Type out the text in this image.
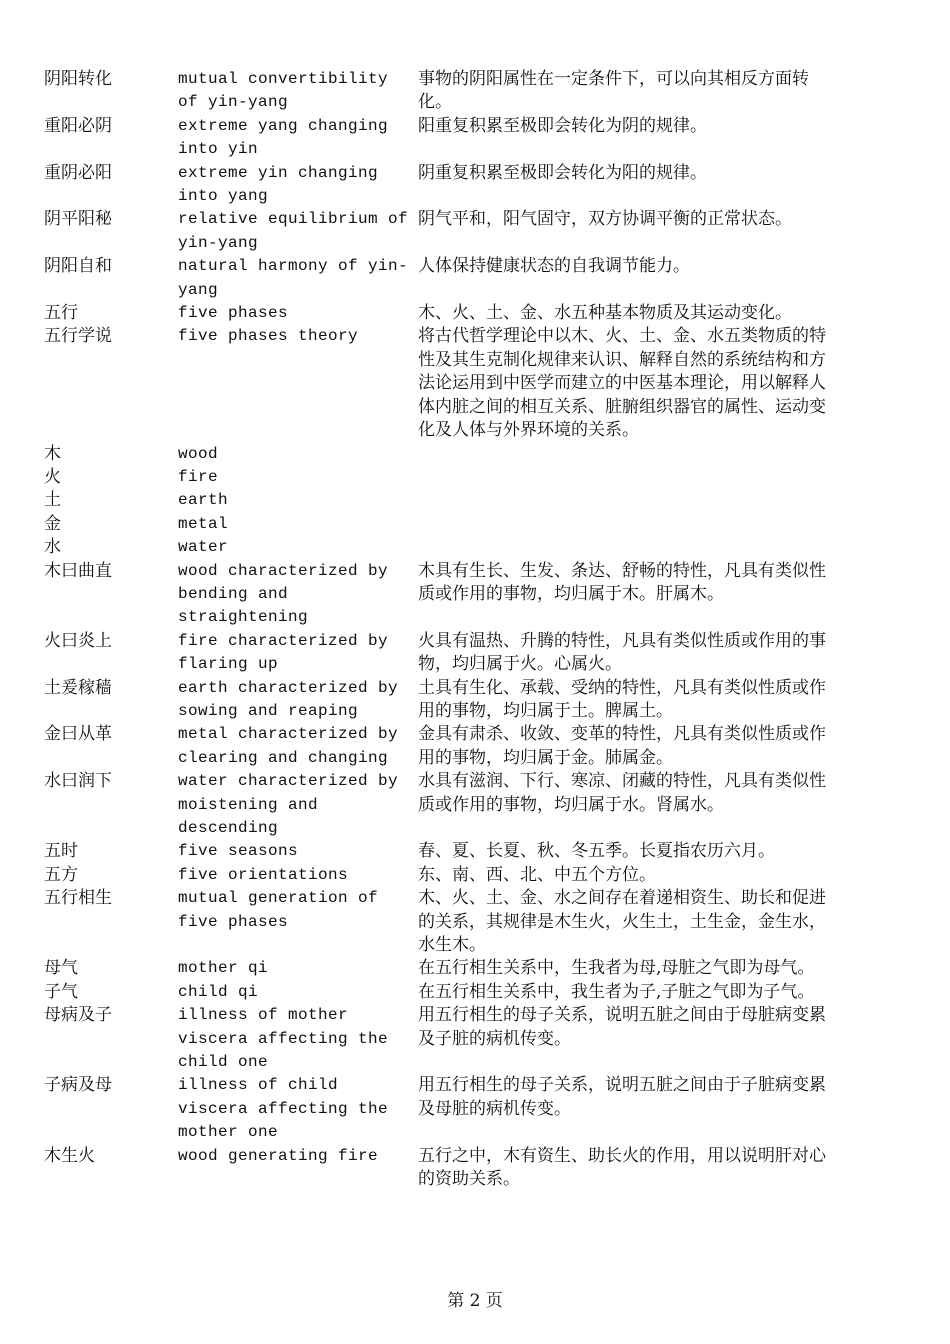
阴阳转化	mutual convertibility of yin-yang	事物的阴阳属性在一定条件下，可以向其相反方面转化。
重阳必阴	extreme yang changing into yin	阳重复积累至极即会转化为阴的规律。
重阴必阳	extreme yin changing into yang	阴重复积累至极即会转化为阳的规律。
阴平阳秘	relative equilibrium of yin-yang	阴气平和，阳气固守，双方协调平衡的正常状态。
阴阳自和	natural harmony of yin-yang	人体保持健康状态的自我调节能力。
五行	five phases	木、火、土、金、水五种基本物质及其运动变化。
五行学说	five phases theory	将古代哲学理论中以木、火、土、金、水五类物质的特性及其生克制化规律来认识、解释自然的系统结构和方法论运用到中医学而建立的中医基本理论，用以解释人体内脏之间的相互关系、脏腑组织器官的属性、运动变化及人体与外界环境的关系。
木	wood	
火	fire	
土	earth	
金	metal	
水	water	
木曰曲直	wood characterized by bending and straightening	木具有生长、生发、条达、舒畅的特性，凡具有类似性质或作用的事物，均归属于木。肝属木。
火曰炎上	fire characterized by flaring up	火具有温热、升腾的特性，凡具有类似性质或作用的事物，均归属于火。心属火。
土爰稼穑	earth characterized by sowing and reaping	土具有生化、承载、受纳的特性，凡具有类似性质或作用的事物，均归属于土。脾属土。
金曰从革	metal characterized by clearing and changing	金具有肃杀、收敛、变革的特性，凡具有类似性质或作用的事物，均归属于金。肺属金。
水曰润下	water characterized by moistening and descending	水具有滋润、下行、寒凉、闭藏的特性，凡具有类似性质或作用的事物，均归属于水。肾属水。
五时	five seasons	春、夏、长夏、秋、冬五季。长夏指农历六月。
五方	five orientations	东、南、西、北、中五个方位。
五行相生	mutual generation of five phases	木、火、土、金、水之间存在着递相资生、助长和促进的关系，其规律是木生火，火生土，土生金，金生水，水生木。
母气	mother qi	在五行相生关系中，生我者为母,母脏之气即为母气。
子气	child qi	在五行相生关系中，我生者为子,子脏之气即为子气。
母病及子	illness of mother viscera affecting the child one	用五行相生的母子关系，说明五脏之间由于母脏病变累及子脏的病机传变。
子病及母	illness of child viscera affecting the mother one	用五行相生的母子关系，说明五脏之间由于子脏病变累及母脏的病机传变。
木生火	wood generating fire	五行之中，木有资生、助长火的作用，用以说明肝对心的资助关系。
第 2 页
